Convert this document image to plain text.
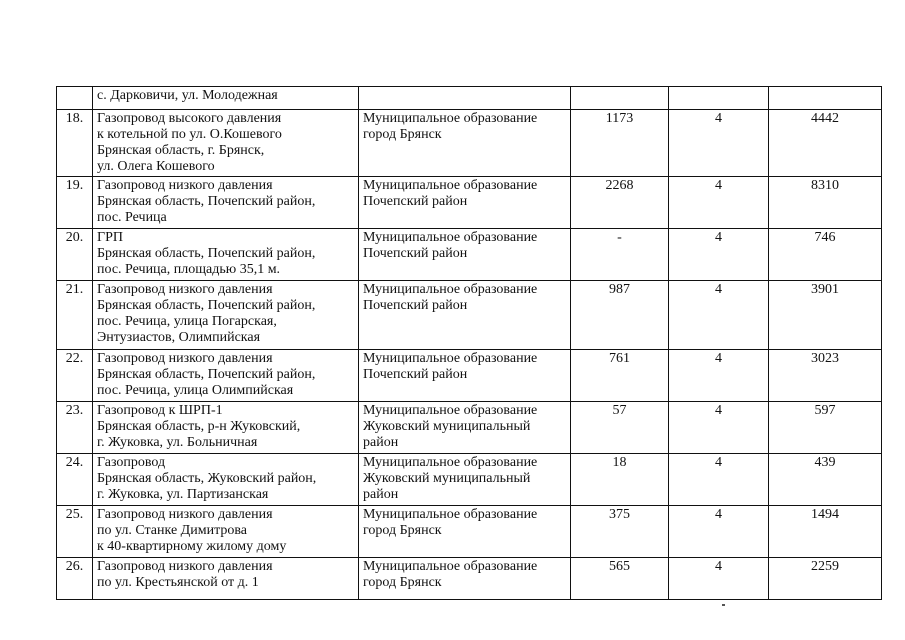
	с. Дарковичи, ул. Молодежная				

18.	Газопровод высокого давления
к котельной по ул. О.Кошевого
Брянская область, г. Брянск,
ул. Олега Кошевого	Муниципальное образование
город Брянск	1173	4	4442
19.	Газопровод низкого давления
Брянская область, Почепский район,
пос. Речица	Муниципальное образование
Почепский район	2268	4	8310
20.	ГРП
Брянская область, Почепский район,
пос. Речица, площадью 35,1 м.	Муниципальное образование
Почепский район	-	4	746
21.	Газопровод низкого давления
Брянская область, Почепский район,
пос. Речица, улица Погарская,
Энтузиастов, Олимпийская	Муниципальное образование
Почепский район	987	4	3901
22.	Газопровод низкого давления
Брянская область, Почепский район,
пос. Речица, улица Олимпийская	Муниципальное образование
Почепский район	761	4	3023
23.	Газопровод к ШРП-1
Брянская область, р-н Жуковский,
г. Жуковка, ул. Больничная	Муниципальное образование
Жуковский муниципальный
район	57	4	597
24.	Газопровод
Брянская область, Жуковский район,
г. Жуковка, ул. Партизанская	Муниципальное образование
Жуковский муниципальный
район	18	4	439
25.	Газопровод низкого давления
по ул. Станке Димитрова
к 40-квартирному жилому дому	Муниципальное образование
город Брянск	375	4	1494
26.	Газопровод низкого давления
по ул. Крестьянской от д. 1	Муниципальное образование
город Брянск	565	4	2259
